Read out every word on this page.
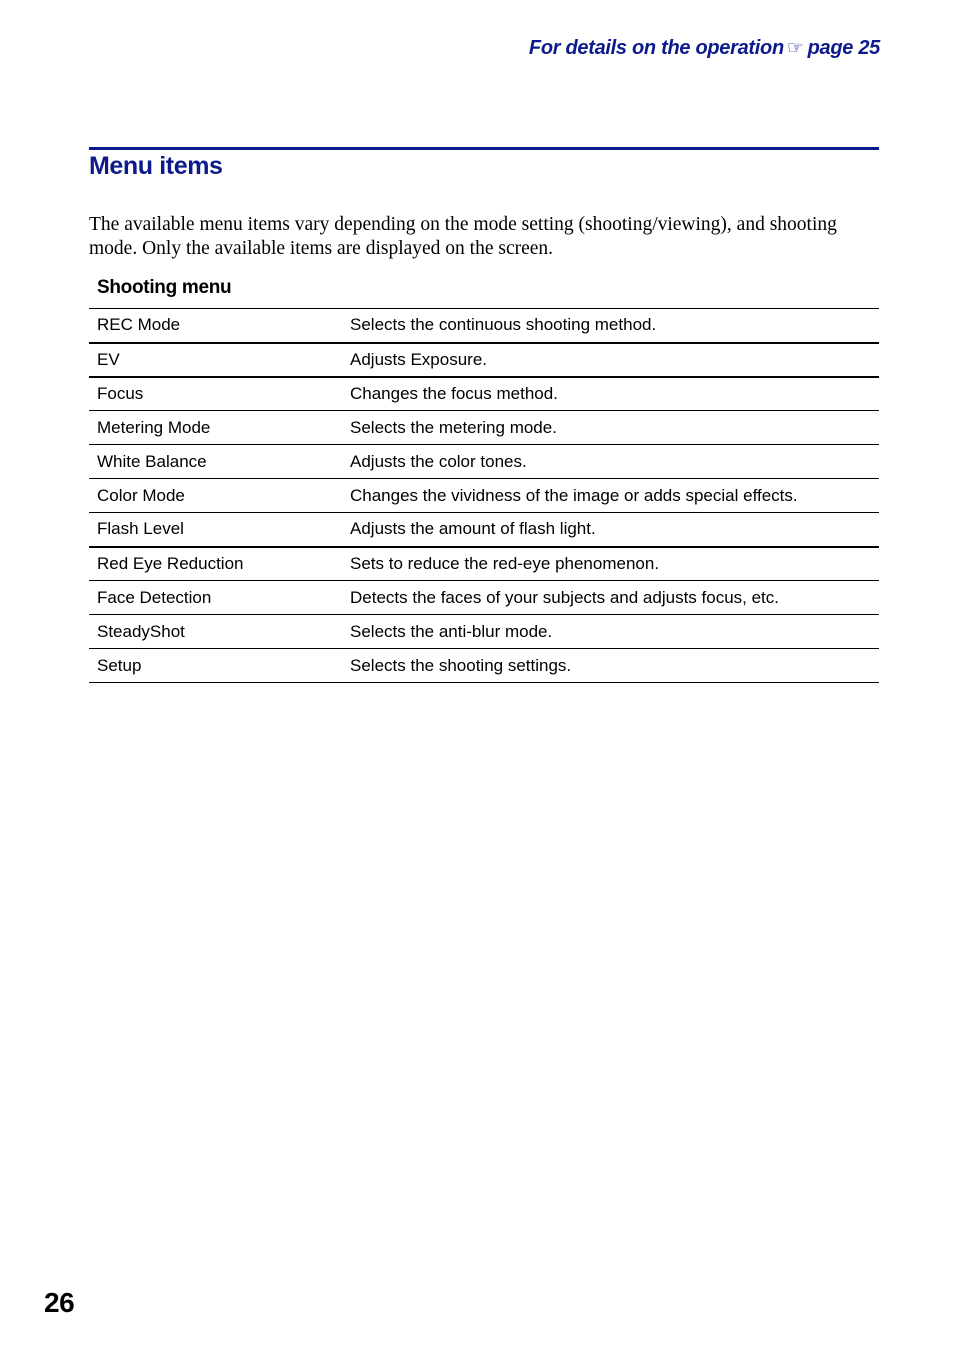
For details on the operation ☞ page 25
Menu items

The available menu items vary depending on the mode setting (shooting/viewing), and shooting mode. Only the available items are displayed on the screen.

Shooting menu
REC Mode	Selects the continuous shooting method.
EV	Adjusts Exposure.
Focus	Changes the focus method.
Metering Mode	Selects the metering mode.
White Balance	Adjusts the color tones.
Color Mode	Changes the vividness of the image or adds special effects.
Flash Level	Adjusts the amount of flash light.
Red Eye Reduction	Sets to reduce the red-eye phenomenon.
Face Detection	Detects the faces of your subjects and adjusts focus, etc.
SteadyShot	Selects the anti-blur mode.
Setup	Selects the shooting settings.
26
